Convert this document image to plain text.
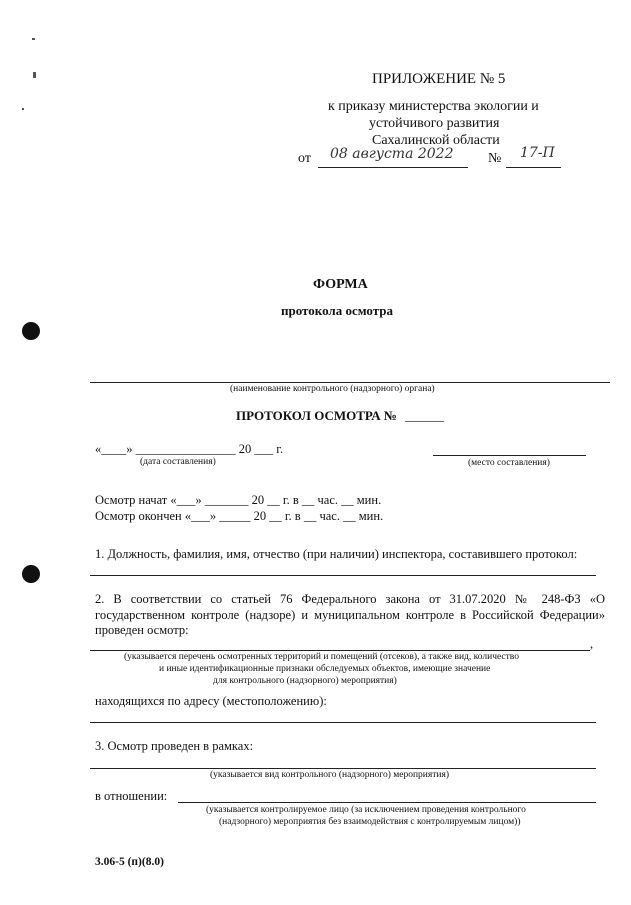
ПРИЛОЖЕНИЕ № 5
к приказу министерства экологии и
устойчивого развития
Сахалинской области
от 08 августа 2022 № 17-П
ФОРМА
протокола осмотра
(наименование контрольного (надзорного) органа)
ПРОТОКОЛ ОСМОТРА № ______
«____» ________________ 20 ___ г.
(дата составления)	(место составления)
Осмотр начат «___» _______ 20 __ г. в __ час. __ мин.
Осмотр окончен «___» _____ 20 __ г. в __ час. __ мин.
1. Должность, фамилия, имя, отчество (при наличии) инспектора, составившего протокол:
2. В соответствии со статьей 76 Федерального закона от 31.07.2020 № 248-ФЗ «О государственном контроле (надзоре) и муниципальном контроле в Российской Федерации» проведен осмотр:
,
(указывается перечень осмотренных территорий и помещений (отсеков), а также вид, количество
и иные идентификационные признаки обследуемых объектов, имеющие значение
для контрольного (надзорного) мероприятия)
находящихся по адресу (местоположению):
3. Осмотр проведен в рамках:
(указывается вид контрольного (надзорного) мероприятия)
в отношении:
(указывается контролируемое лицо (за исключением проведения контрольного
(надзорного) мероприятия без взаимодействия с контролируемым лицом))
3.06-5 (п)(8.0)
